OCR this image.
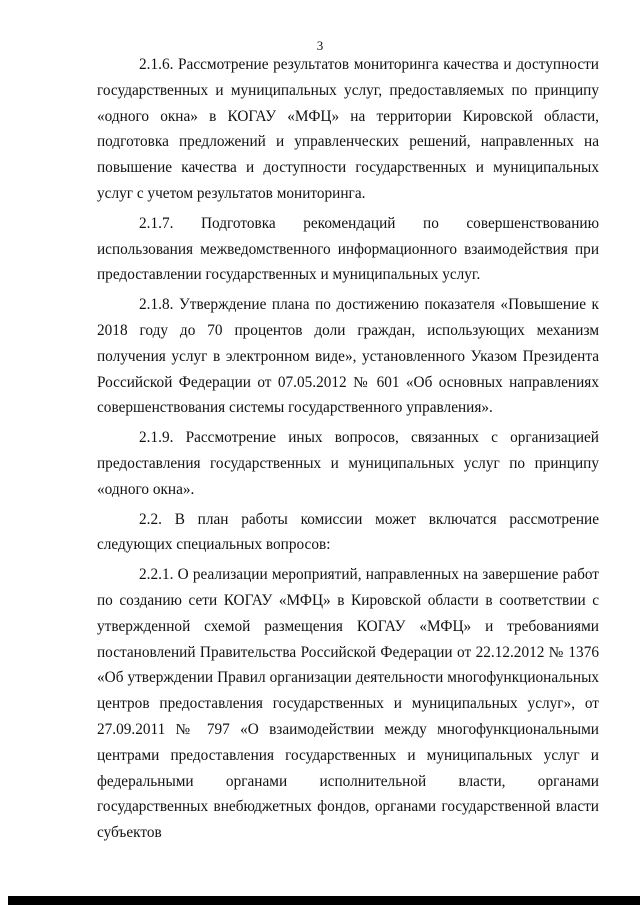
3

2.1.6. Рассмотрение результатов мониторинга качества и доступности государственных и муниципальных услуг, предоставляемых по принципу «одного окна» в КОГАУ «МФЦ» на территории Кировской области, подготовка предложений и управленческих решений, направленных на повышение качества и доступности государственных и муниципальных услуг с учетом результатов мониторинга.

2.1.7. Подготовка рекомендаций по совершенствованию использования межведомственного информационного взаимодействия при предоставлении государственных и муниципальных услуг.

2.1.8. Утверждение плана по достижению показателя «Повышение к 2018 году до 70 процентов доли граждан, использующих механизм получения услуг в электронном виде», установленного Указом Президента Российской Федерации от 07.05.2012 № 601 «Об основных направлениях совершенствования системы государственного управления».

2.1.9. Рассмотрение иных вопросов, связанных с организацией предоставления государственных и муниципальных услуг по принципу «одного окна».

2.2. В план работы комиссии может включатся рассмотрение следующих специальных вопросов:

2.2.1. О реализации мероприятий, направленных на завершение работ по созданию сети КОГАУ «МФЦ» в Кировской области в соответствии с утвержденной схемой размещения КОГАУ «МФЦ» и требованиями постановлений Правительства Российской Федерации от 22.12.2012 № 1376 «Об утверждении Правил организации деятельности многофункциональных центров предоставления государственных и муниципальных услуг», от 27.09.2011 № 797 «О взаимодействии между многофункциональными центрами предоставления государственных и муниципальных услуг и федеральными органами исполнительной власти, органами государственных внебюджетных фондов, органами государственной власти субъектов
